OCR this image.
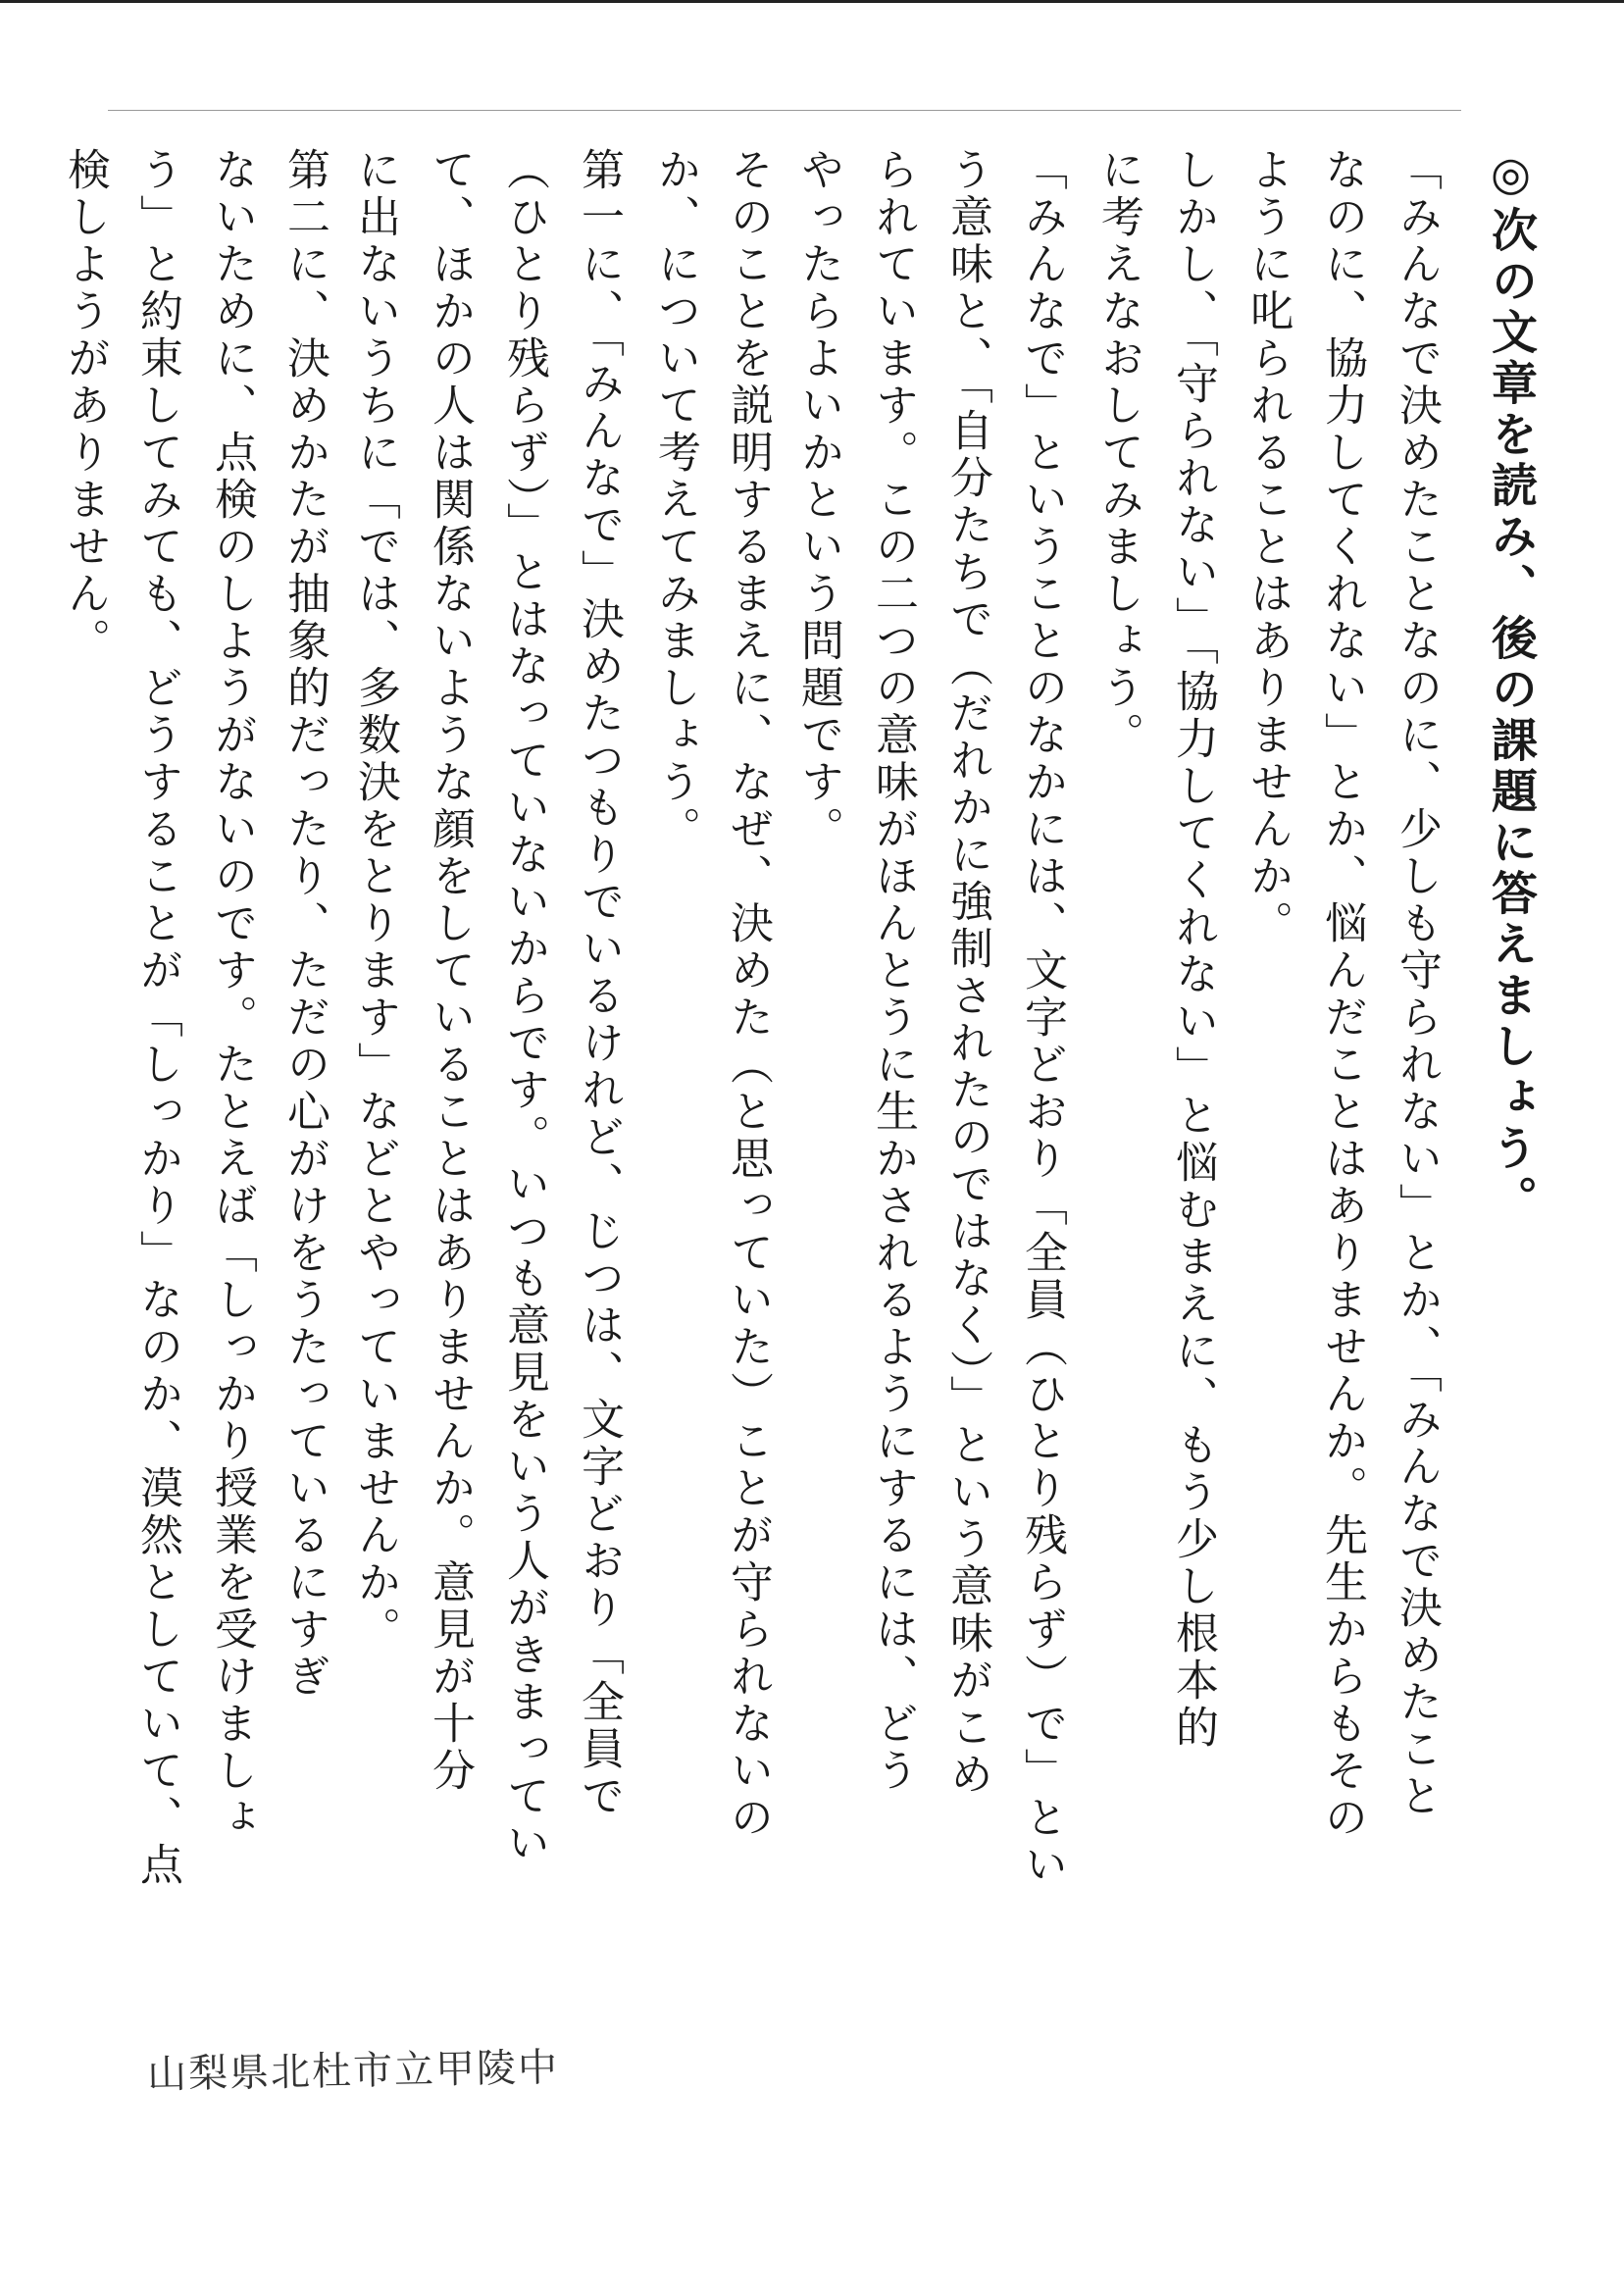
◎次の文章を読み、後の課題に答えましょう。
「みんなで決めたことなのに、少しも守られない」とか、「みんなで決めたこと
なのに、協力してくれない」とか、悩んだことはありませんか。先生からもその
ように叱られることはありませんか。
しかし、「守られない」「協力してくれない」と悩むまえに、もう少し根本的
に考えなおしてみましょう。
「みんなで」ということのなかには、文字どおり「全員（ひとり残らず）で」とい
う意味と、「自分たちで（だれかに強制されたのではなく）」という意味がこめ
られています。この二つの意味がほんとうに生かされるようにするには、どう
やったらよいかという問題です。
そのことを説明するまえに、なぜ、決めた（と思っていた）ことが守られないの
か、について考えてみましょう。
第一に、「みんなで」決めたつもりでいるけれど、じつは、文字どおり「全員で
（ひとり残らず）」とはなっていないからです。いつも意見をいう人がきまってい
て、ほかの人は関係ないような顔をしていることはありませんか。意見が十分
に出ないうちに「では、多数決をとります」などとやっていませんか。
第二に、決めかたが抽象的だったり、ただの心がけをうたっているにすぎ
ないために、点検のしようがないのです。たとえば「しっかり授業を受けましょ
う」と約束してみても、どうすることが「しっかり」なのか、漠然としていて、点
検しようがありません。
山梨県北杜市立甲陵中
